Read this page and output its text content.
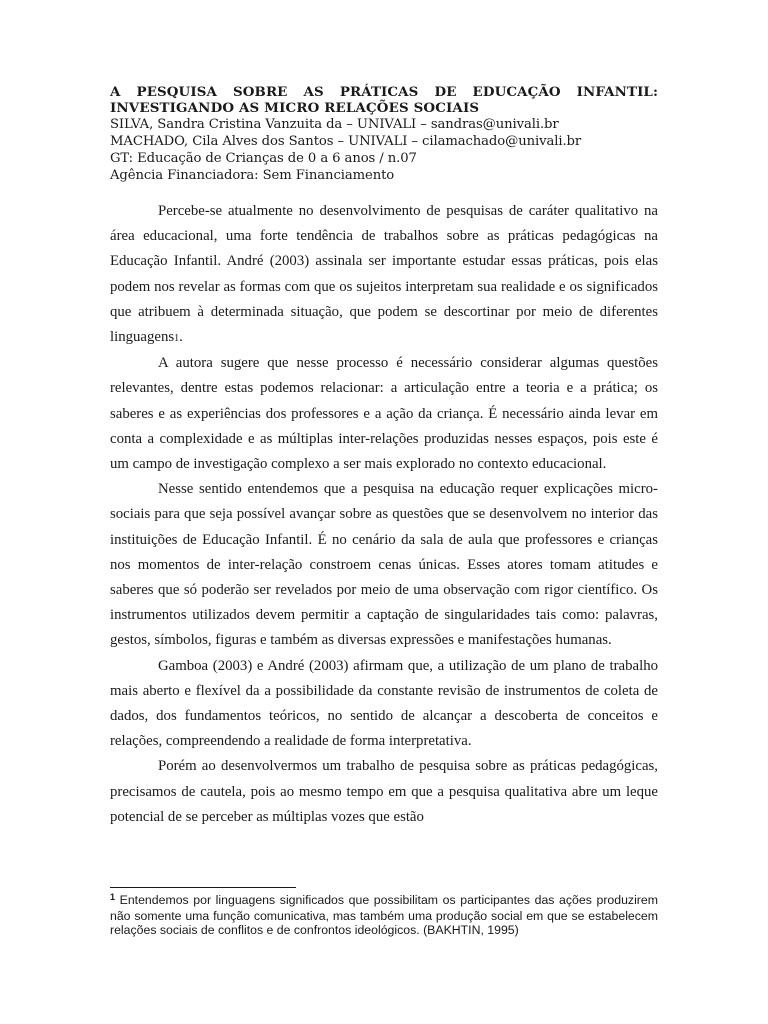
A PESQUISA SOBRE AS PRÁTICAS DE EDUCAÇÃO INFANTIL:

INVESTIGANDO AS MICRO RELAÇÕES SOCIAIS

SILVA, Sandra Cristina Vanzuita da – UNIVALI – sandras@univali.br

MACHADO, Cila Alves dos Santos – UNIVALI – cilamachado@univali.br

GT: Educação de Crianças de 0 a 6 anos / n.07

Agência Financiadora: Sem Financiamento

Percebe-se atualmente no desenvolvimento de pesquisas de caráter qualitativo na área educacional, uma forte tendência de trabalhos sobre as práticas pedagógicas na Educação Infantil. André (2003) assinala ser importante estudar essas práticas, pois elas podem nos revelar as formas com que os sujeitos interpretam sua realidade e os significados que atribuem à determinada situação, que podem se descortinar por meio de diferentes linguagens1.

A autora sugere que nesse processo é necessário considerar algumas questões relevantes, dentre estas podemos relacionar: a articulação entre a teoria e a prática; os saberes e as experiências dos professores e a ação da criança. É necessário ainda levar em conta a complexidade e as múltiplas inter-relações produzidas nesses espaços, pois este é um campo de investigação complexo a ser mais explorado no contexto educacional.

Nesse sentido entendemos que a pesquisa na educação requer explicações micro-sociais para que seja possível avançar sobre as questões que se desenvolvem no interior das instituições de Educação Infantil. É no cenário da sala de aula que professores e crianças nos momentos de inter-relação constroem cenas únicas. Esses atores tomam atitudes e saberes que só poderão ser revelados por meio de uma observação com rigor científico. Os instrumentos utilizados devem permitir a captação de singularidades tais como: palavras, gestos, símbolos, figuras e também as diversas expressões e manifestações humanas.

Gamboa (2003) e André (2003) afirmam que, a utilização de um plano de trabalho mais aberto e flexível da a possibilidade da constante revisão de instrumentos de coleta de dados, dos fundamentos teóricos, no sentido de alcançar a descoberta de conceitos e relações, compreendendo a realidade de forma interpretativa.

Porém ao desenvolvermos um trabalho de pesquisa sobre as práticas pedagógicas, precisamos de cautela, pois ao mesmo tempo em que a pesquisa qualitativa abre um leque potencial de se perceber as múltiplas vozes que estão

$^1$ Entendemos por linguagens significados que possibilitam os participantes das ações produzirem não somente uma função comunicativa, mas também uma produção social em que se estabelecem relações sociais de conflitos e de confrontos ideológicos. (BAKHTIN, 1995)
